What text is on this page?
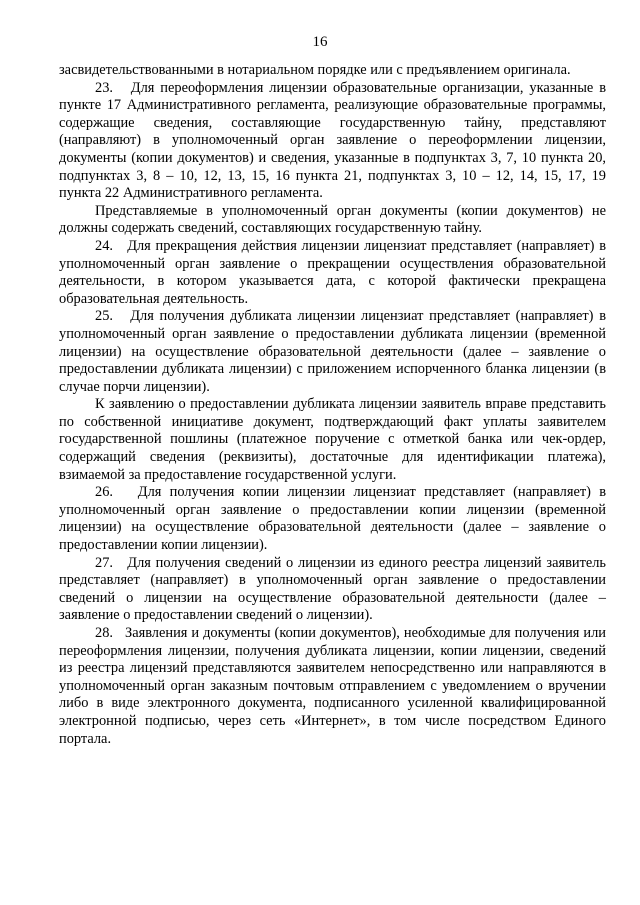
16

засвидетельствованными в нотариальном порядке или с предъявлением оригинала.

23.   Для переоформления лицензии образовательные организации, указанные в пункте 17 Административного регламента, реализующие образовательные программы, содержащие сведения, составляющие государственную тайну, представляют (направляют) в уполномоченный орган заявление о переоформлении лицензии, документы (копии документов) и сведения, указанные в подпунктах 3, 7, 10 пункта 20, подпунктах 3, 8 – 10, 12, 13, 15, 16 пункта 21, подпунктах 3, 10 – 12, 14, 15, 17, 19 пункта 22 Административного регламента.

Представляемые в уполномоченный орган документы (копии документов) не должны содержать сведений, составляющих государственную тайну.

24.   Для прекращения действия лицензии лицензиат представляет (направляет) в уполномоченный орган заявление о прекращении осуществления образовательной деятельности, в котором указывается дата, с которой фактически прекращена образовательная деятельность.

25.   Для получения дубликата лицензии лицензиат представляет (направляет) в уполномоченный орган заявление о предоставлении дубликата лицензии (временной лицензии) на осуществление образовательной деятельности (далее – заявление о предоставлении дубликата лицензии) с приложением испорченного бланка лицензии (в случае порчи лицензии).

К заявлению о предоставлении дубликата лицензии заявитель вправе представить по собственной инициативе документ, подтверждающий факт уплаты заявителем государственной пошлины (платежное поручение с отметкой банка или чек-ордер, содержащий сведения (реквизиты), достаточные для идентификации платежа), взимаемой за предоставление государственной услуги.

26.   Для получения копии лицензии лицензиат представляет (направляет) в уполномоченный орган заявление о предоставлении копии лицензии (временной лицензии) на осуществление образовательной деятельности (далее – заявление о предоставлении копии лицензии).

27.   Для получения сведений о лицензии из единого реестра лицензий заявитель представляет (направляет) в уполномоченный орган заявление о предоставлении сведений о лицензии на осуществление образовательной деятельности (далее – заявление о предоставлении сведений о лицензии).

28.   Заявления и документы (копии документов), необходимые для получения или переоформления лицензии, получения дубликата лицензии, копии лицензии, сведений из реестра лицензий представляются заявителем непосредственно или направляются в уполномоченный орган заказным почтовым отправлением с уведомлением о вручении либо в виде электронного документа, подписанного усиленной квалифицированной электронной подписью, через сеть «Интернет», в том числе посредством Единого портала.
